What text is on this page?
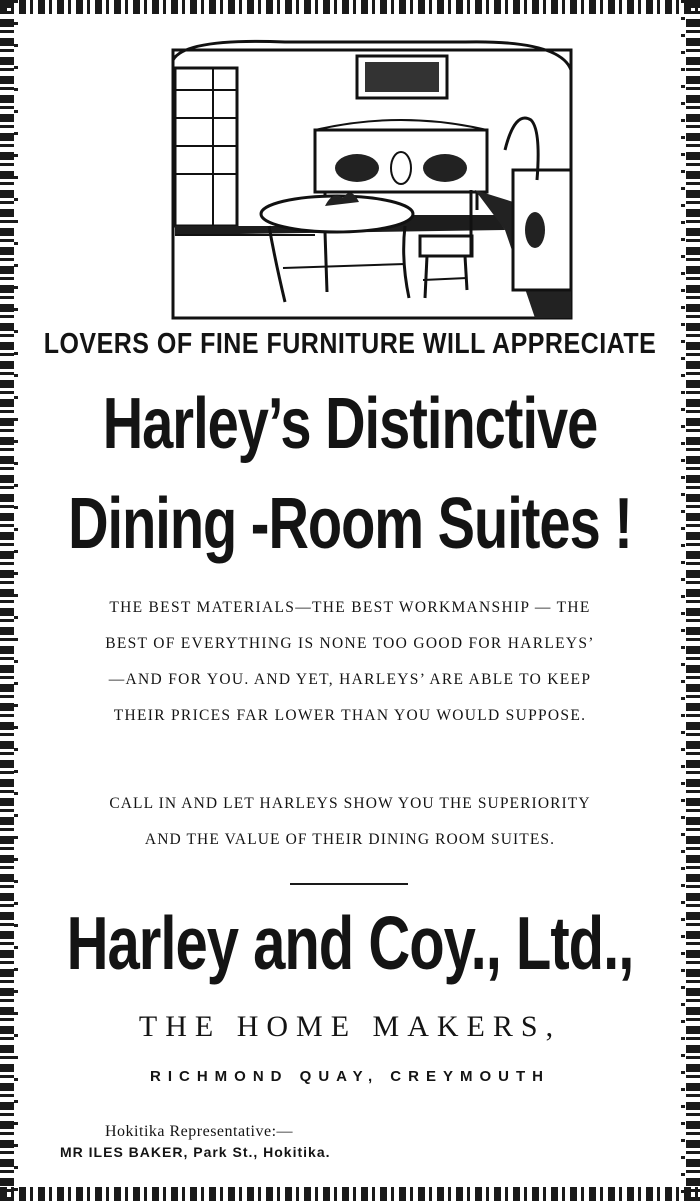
LOVERS OF FINE FURNITURE WILL APPRECIATE
Harley’s Distinctive
Dining -Room Suites !
THE BEST MATERIALS—THE BEST WORKMANSHIP — THE
BEST OF EVERYTHING IS NONE TOO GOOD FOR HARLEYS’
—AND FOR YOU. AND YET, HARLEYS’ ARE ABLE TO KEEP
THEIR PRICES FAR LOWER THAN YOU WOULD SUPPOSE.
CALL IN AND LET HARLEYS SHOW YOU THE SUPERIORITY
AND THE VALUE OF THEIR DINING ROOM SUITES.
Harley and Coy., Ltd.,
THE HOME MAKERS,
RICHMOND QUAY, CREYMOUTH
Hokitika Representative:—
MR ILES BAKER, Park St., Hokitika.
